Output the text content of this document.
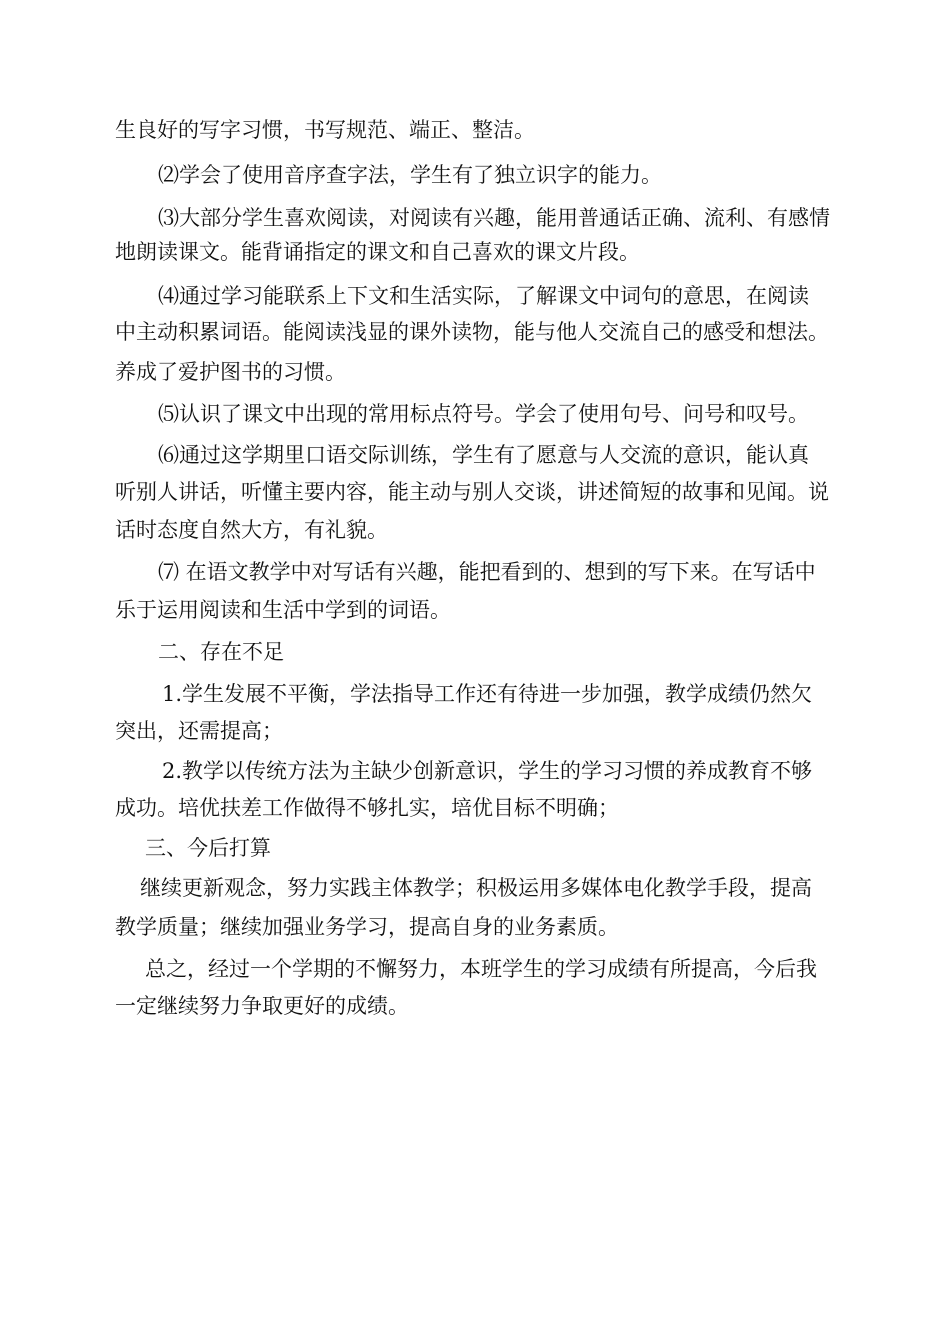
生良好的写字习惯，书写规范、端正、整洁。
⑵学会了使用音序查字法，学生有了独立识字的能力。
⑶大部分学生喜欢阅读，对阅读有兴趣，能用普通话正确、流利、有感情
地朗读课文。能背诵指定的课文和自己喜欢的课文片段。
⑷通过学习能联系上下文和生活实际，了解课文中词句的意思，在阅读
中主动积累词语。能阅读浅显的课外读物，能与他人交流自己的感受和想法。
养成了爱护图书的习惯。
⑸认识了课文中出现的常用标点符号。学会了使用句号、问号和叹号。
⑹通过这学期里口语交际训练，学生有了愿意与人交流的意识，能认真
听别人讲话，听懂主要内容，能主动与别人交谈，讲述简短的故事和见闻。说
话时态度自然大方，有礼貌。
⑺ 在语文教学中对写话有兴趣，能把看到的、想到的写下来。在写话中
乐于运用阅读和生活中学到的词语。
二、存在不足
1.学生发展不平衡，学法指导工作还有待进一步加强，教学成绩仍然欠
突出，还需提高；
2.教学以传统方法为主缺少创新意识，学生的学习习惯的养成教育不够
成功。培优扶差工作做得不够扎实，培优目标不明确；
三、今后打算
继续更新观念，努力实践主体教学；积极运用多媒体电化教学手段，提高
教学质量；继续加强业务学习，提高自身的业务素质。
总之，经过一个学期的不懈努力，本班学生的学习成绩有所提高，今后我
一定继续努力争取更好的成绩。
